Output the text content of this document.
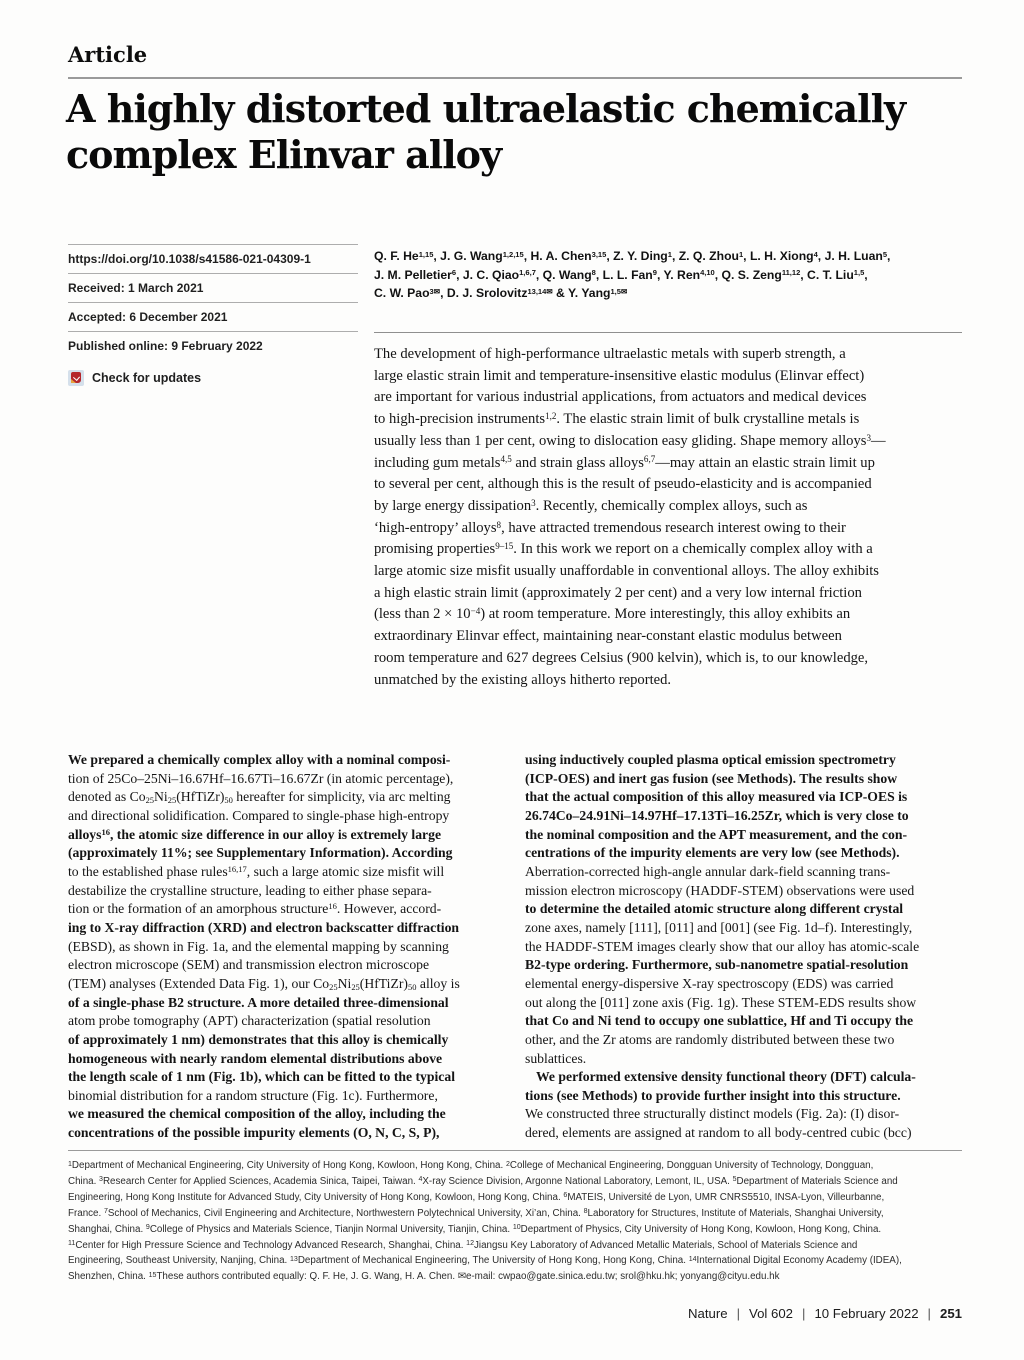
Article
A highly distorted ultraelastic chemically
complex Elinvar alloy
https://doi.org/10.1038/s41586-021-04309-1
Received: 1 March 2021
Accepted: 6 December 2021
Published online: 9 February 2022
Check for updates
Q. F. He$^{1,15}$, J. G. Wang$^{1,2,15}$, H. A. Chen$^{3,15}$, Z. Y. Ding$^1$, Z. Q. Zhou$^1$, L. H. Xiong$^4$, J. H. Luan$^5$,
J. M. Pelletier$^6$, J. C. Qiao$^{1,6,7}$, Q. Wang$^8$, L. L. Fan$^9$, Y. Ren$^{4,10}$, Q. S. Zeng$^{11,12}$, C. T. Liu$^{1,5}$,
C. W. Pao$^{3✉}$, D. J. Srolovitz$^{13,14✉}$ & Y. Yang$^{1,5✉}$
The development of high-performance ultraelastic metals with superb strength, a
large elastic strain limit and temperature-insensitive elastic modulus (Elinvar effect)
are important for various industrial applications, from actuators and medical devices
to high-precision instruments$^{1,2}$. The elastic strain limit of bulk crystalline metals is
usually less than 1 per cent, owing to dislocation easy gliding. Shape memory alloys$^3$—
including gum metals$^{4,5}$ and strain glass alloys$^{6,7}$—may attain an elastic strain limit up
to several per cent, although this is the result of pseudo-elasticity and is accompanied
by large energy dissipation$^3$. Recently, chemically complex alloys, such as
‘high-entropy’ alloys$^8$, have attracted tremendous research interest owing to their
promising properties$^{9-15}$. In this work we report on a chemically complex alloy with a
large atomic size misfit usually unaffordable in conventional alloys. The alloy exhibits
a high elastic strain limit (approximately 2 per cent) and a very low internal friction
(less than $2 \times 10^{-4}$) at room temperature. More interestingly, this alloy exhibits an
extraordinary Elinvar effect, maintaining near-constant elastic modulus between
room temperature and 627 degrees Celsius (900 kelvin), which is, to our knowledge,
unmatched by the existing alloys hitherto reported.
We prepared a chemically complex alloy with a nominal composi-
tion of 25Co–25Ni–16.67Hf–16.67Ti–16.67Zr (in atomic percentage),
denoted as $Co_{25}Ni_{25}(HfTiZr)_{50}$ hereafter for simplicity, via arc melting
and directional solidification. Compared to single-phase high-entropy
alloys$^{16}$, the atomic size difference in our alloy is extremely large
(approximately 11%; see Supplementary Information). According
to the established phase rules$^{16,17}$, such a large atomic size misfit will
destabilize the crystalline structure, leading to either phase separa-
tion or the formation of an amorphous structure$^{16}$. However, accord-
ing to X-ray diffraction (XRD) and electron backscatter diffraction
(EBSD), as shown in Fig. 1a, and the elemental mapping by scanning
electron microscope (SEM) and transmission electron microscope
(TEM) analyses (Extended Data Fig. 1), our $Co_{25}Ni_{25}(HfTiZr)_{50}$ alloy is
of a single-phase B2 structure. A more detailed three-dimensional
atom probe tomography (APT) characterization (spatial resolution
of approximately 1 nm) demonstrates that this alloy is chemically
homogeneous with nearly random elemental distributions above
the length scale of 1 nm (Fig. 1b), which can be fitted to the typical
binomial distribution for a random structure (Fig. 1c). Furthermore,
we measured the chemical composition of the alloy, including the
concentrations of the possible impurity elements (O, N, C, S, P),
using inductively coupled plasma optical emission spectrometry
(ICP-OES) and inert gas fusion (see Methods). The results show
that the actual composition of this alloy measured via ICP-OES is
26.74Co–24.91Ni–14.97Hf–17.13Ti–16.25Zr, which is very close to
the nominal composition and the APT measurement, and the con-
centrations of the impurity elements are very low (see Methods).
Aberration-corrected high-angle annular dark-field scanning trans-
mission electron microscopy (HADDF-STEM) observations were used
to determine the detailed atomic structure along different crystal
zone axes, namely [111], [011] and [001] (see Fig. 1d–f). Interestingly,
the HADDF-STEM images clearly show that our alloy has atomic-scale
B2-type ordering. Furthermore, sub-nanometre spatial-resolution
elemental energy-dispersive X-ray spectroscopy (EDS) was carried
out along the [011] zone axis (Fig. 1g). These STEM-EDS results show
that Co and Ni tend to occupy one sublattice, Hf and Ti occupy the
other, and the Zr atoms are randomly distributed between these two
sublattices.
We performed extensive density functional theory (DFT) calcula-
tions (see Methods) to provide further insight into this structure.
We constructed three structurally distinct models (Fig. 2a): (I) disor-
dered, elements are assigned at random to all body-centred cubic (bcc)
$^1$Department of Mechanical Engineering, City University of Hong Kong, Kowloon, Hong Kong, China. $^2$College of Mechanical Engineering, Dongguan University of Technology, Dongguan,
China. $^3$Research Center for Applied Sciences, Academia Sinica, Taipei, Taiwan. $^4$X-ray Science Division, Argonne National Laboratory, Lemont, IL, USA. $^5$Department of Materials Science and
Engineering, Hong Kong Institute for Advanced Study, City University of Hong Kong, Kowloon, Hong Kong, China. $^6$MATEIS, Université de Lyon, UMR CNRS5510, INSA-Lyon, Villeurbanne,
France. $^7$School of Mechanics, Civil Engineering and Architecture, Northwestern Polytechnical University, Xi’an, China. $^8$Laboratory for Structures, Institute of Materials, Shanghai University,
Shanghai, China. $^9$College of Physics and Materials Science, Tianjin Normal University, Tianjin, China. $^{10}$Department of Physics, City University of Hong Kong, Kowloon, Hong Kong, China.
$^{11}$Center for High Pressure Science and Technology Advanced Research, Shanghai, China. $^{12}$Jiangsu Key Laboratory of Advanced Metallic Materials, School of Materials Science and
Engineering, Southeast University, Nanjing, China. $^{13}$Department of Mechanical Engineering, The University of Hong Kong, Hong Kong, China. $^{14}$International Digital Economy Academy (IDEA),
Shenzhen, China. $^{15}$These authors contributed equally: Q. F. He, J. G. Wang, H. A. Chen. ✉e-mail: cwpao@gate.sinica.edu.tw; srol@hku.hk; yonyang@cityu.edu.hk
Nature | Vol 602 | 10 February 2022 | 251
